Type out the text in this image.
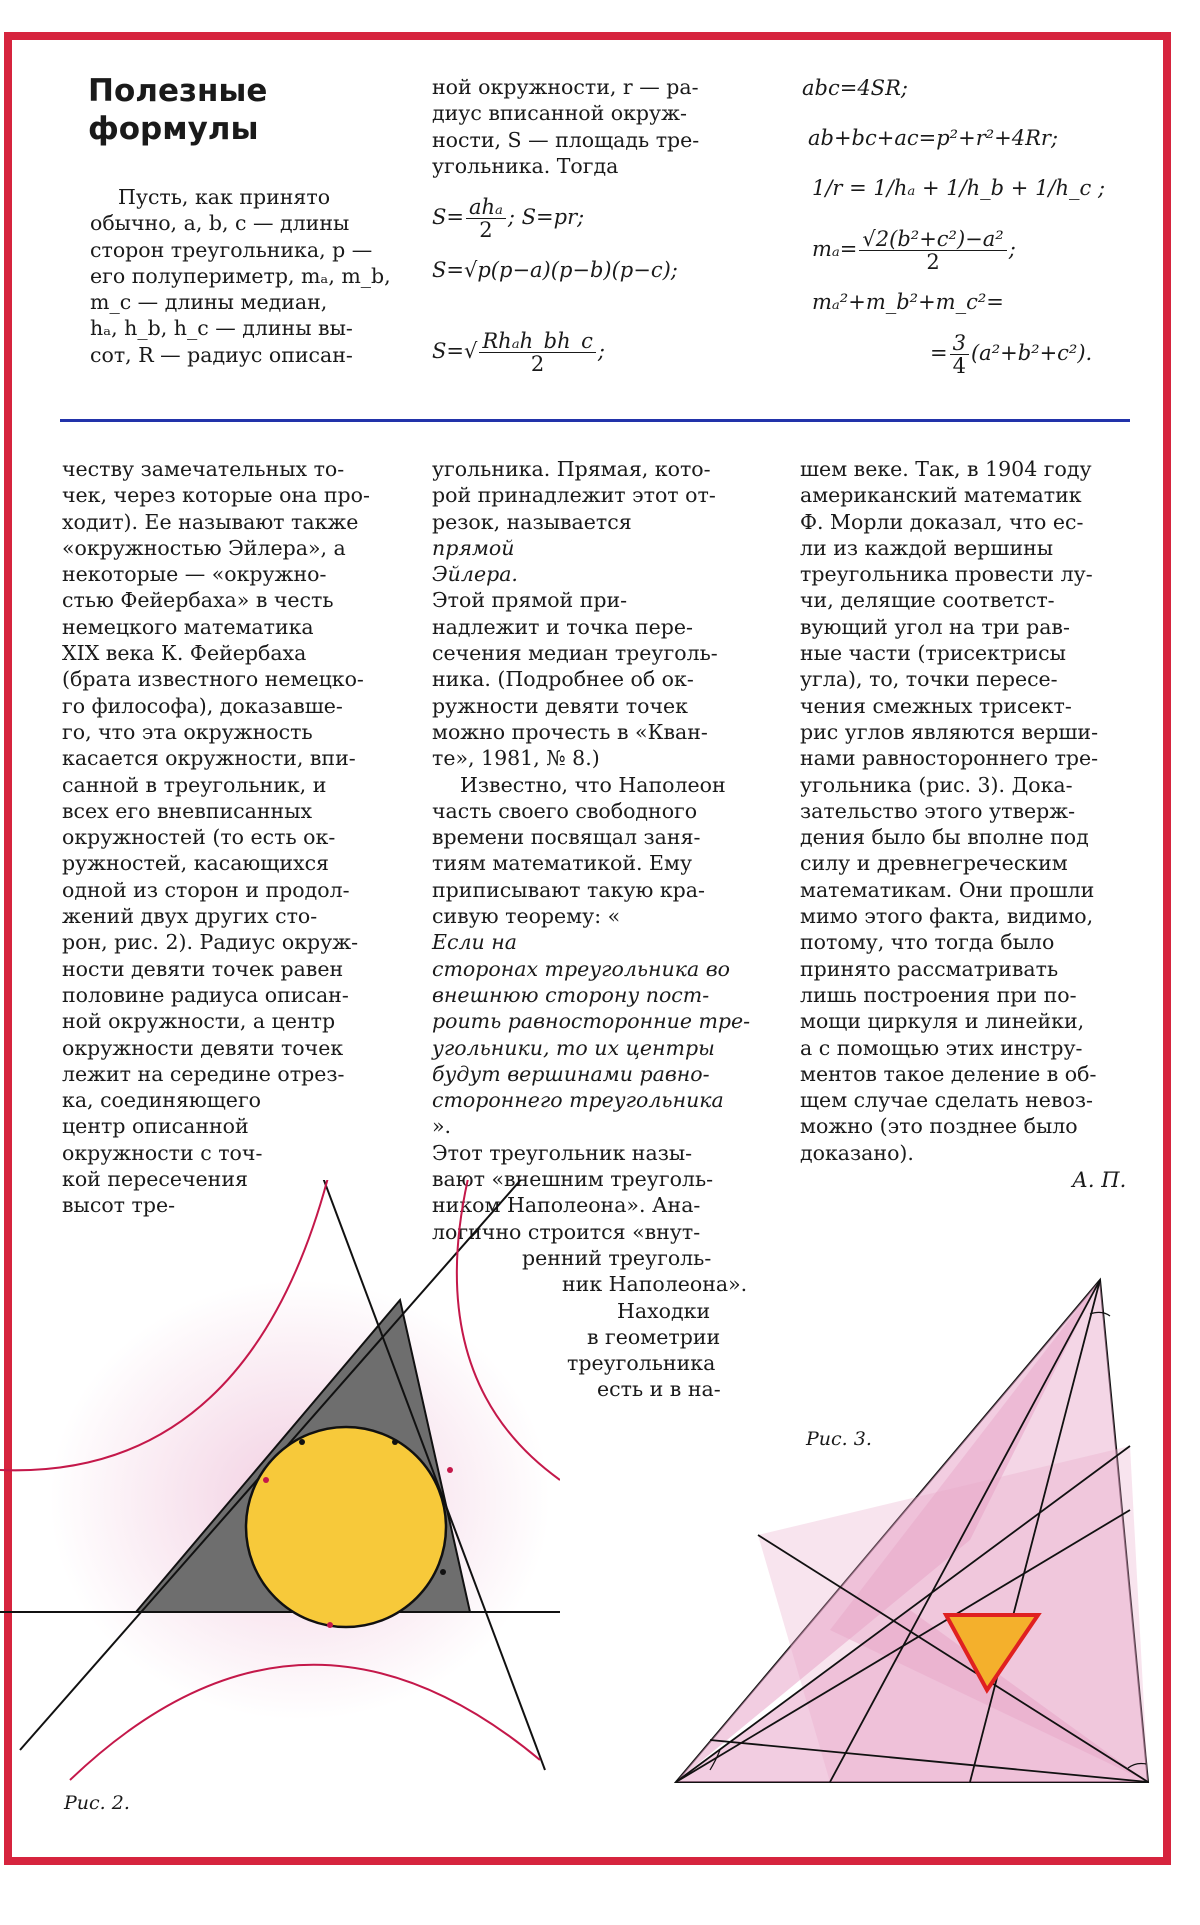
Полезные
формулы
Пусть, как принято
обычно, a, b, c — длины
сторон треугольника, p —
его полупериметр, mₐ, m_b,
m_c — длины медиан,
hₐ, h_b, h_c — длины вы-
сот, R — радиус описан-
ной окружности, r — ра-
диус вписанной окруж-
ности, S — площадь тре-
угольника. Тогда
$S= \frac{\text{ahₐ}}{2}$ ; S=pr;
S=√p(p−a)(p−b)(p−c);
$S=√ \frac{\text{Rhₐh\_bh\_c}}{2}$ ;
abc=4SR;
ab+bc+ac=p²+r²+4Rr;
1/r = 1/hₐ + 1/h_b + 1/h_c ;
$m_a= \frac{\text{√2(b²+c²)−a²}}{2}$ ;
mₐ²+m_b²+m_c²=
= $\frac{3}{4} (a^2+b^2+c^2)$.
честву замечательных то-
чек, через которые она про-
ходит). Ее называют также
«окружностью Эйлера», а
некоторые — «окружно-
стью Фейербаха» в честь
немецкого математика
XIX века К. Фейербаха
(брата известного немецко-
го философа), доказавше-
го, что эта окружность
касается окружности, впи-
санной в треугольник, и
всех его вневписанных
окружностей (то есть ок-
ружностей, касающихся
одной из сторон и продол-
жений двух других сто-
рон, рис. 2). Радиус окруж-
ности девяти точек равен
половине радиуса описан-
ной окружности, а центр
окружности девяти точек
лежит на середине отрез-
ка, соединяющего
центр описанной
окружности с точ-
кой пересечения
высот тре-
угольника. Прямая, кото-
рой принадлежит этот от-
резок, называется
прямой
Эйлера.
Этой прямой при-
надлежит и точка пере-
сечения медиан треуголь-
ника. (Подробнее об ок-
ружности девяти точек
можно прочесть в «Кван-
те», 1981, № 8.)
Известно, что Наполеон
часть своего свободного
времени посвящал заня-
тиям математикой. Ему
приписывают такую кра-
сивую теорему: «
Если на
сторонах треугольника во
внешнюю сторону пост-
роить равносторонние тре-
угольники, то их центры
будут вершинами равно-
стороннего треугольника
».
Этот треугольник назы-
вают «внешним треуголь-
ником Наполеона». Ана-
логично строится «внут-
ренний треуголь-
ник Наполеона».
Находки
в геометрии
треугольника
есть и в на-
шем веке. Так, в 1904 году
американский математик
Ф. Морли доказал, что ес-
ли из каждой вершины
треугольника провести лу-
чи, делящие соответст-
вующий угол на три рав-
ные части (трисектрисы
угла), то, точки пересе-
чения смежных трисект-
рис углов являются верши-
нами равностороннего тре-
угольника (рис. 3). Дока-
зательство этого утверж-
дения было бы вполне под
силу и древнегреческим
математикам. Они прошли
мимо этого факта, видимо,
потому, что тогда было
принято рассматривать
лишь построения при по-
мощи циркуля и линейки,
а с помощью этих инстру-
ментов такое деление в об-
щем случае сделать невоз-
можно (это позднее было
доказано).
А. П.
Рис. 2.
Рис. 3.
